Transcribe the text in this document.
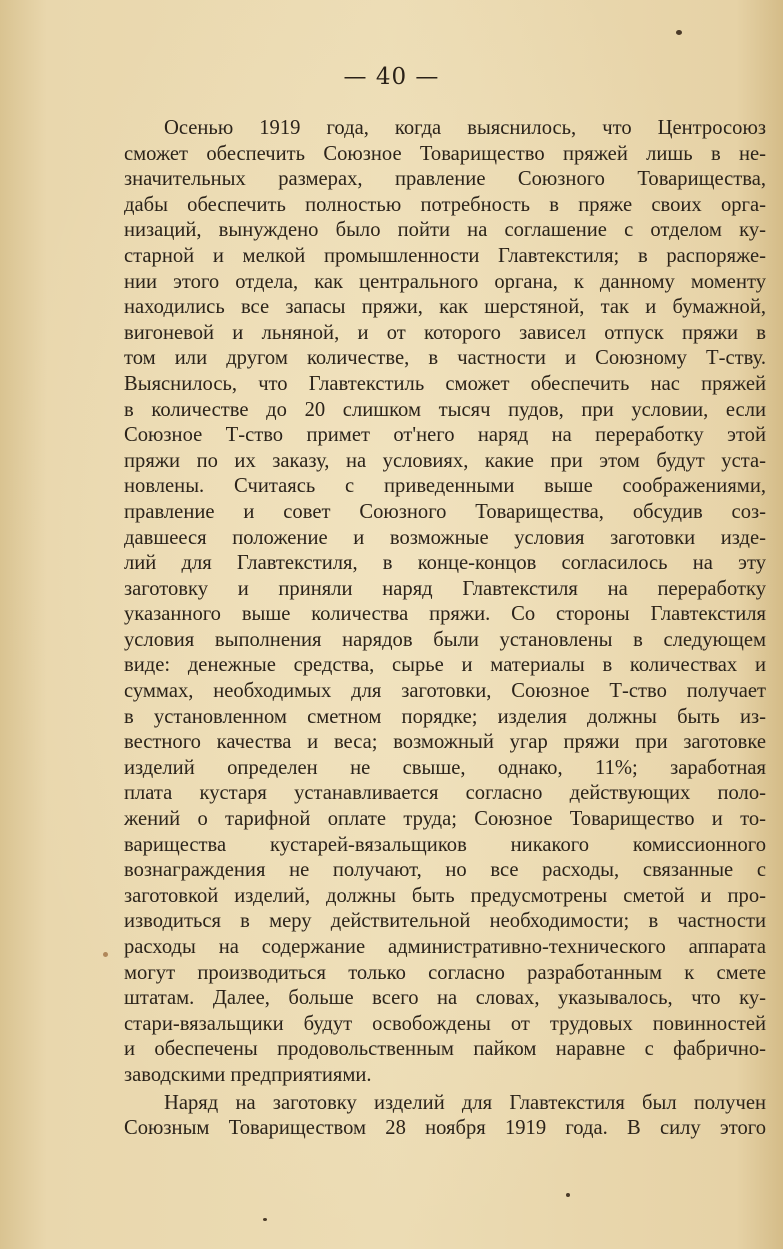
— 40 —
Осенью 1919 года, когда выяснилось, что Центросоюз
сможет обеспечить Союзное Товарищество пряжей лишь в не-
значительных размерах, правление Союзного Товарищества,
дабы обеспечить полностью потребность в пряже своих орга-
низаций, вынуждено было пойти на соглашение с отделом ку-
старной и мелкой промышленности Главтекстиля; в распоряже-
нии этого отдела, как центрального органа, к данному моменту
находились все запасы пряжи, как шерстяной, так и бумажной,
вигоневой и льняной, и от которого зависел отпуск пряжи в
том или другом количестве, в частности и Союзному Т-ству.
Выяснилось, что Главтекстиль сможет обеспечить нас пряжей
в количестве до 20 слишком тысяч пудов, при условии, если
Союзное Т-ство примет от'него наряд на переработку этой
пряжи по их заказу, на условиях, какие при этом будут уста-
новлены. Считаясь с приведенными выше соображениями,
правление и совет Союзного Товарищества, обсудив соз-
давшееся положение и возможные условия заготовки изде-
лий для Главтекстиля, в конце-концов согласилось на эту
заготовку и приняли наряд Главтекстиля на переработку
указанного выше количества пряжи. Со стороны Главтекстиля
условия выполнения нарядов были установлены в следующем
виде: денежные средства, сырье и материалы в количествах и
суммах, необходимых для заготовки, Союзное Т-ство получает
в установленном сметном порядке; изделия должны быть из-
вестного качества и веса; возможный угар пряжи при заготовке
изделий определен не свыше, однако, 11%; заработная
плата кустаря устанавливается согласно действующих поло-
жений о тарифной оплате труда; Союзное Товарищество и то-
варищества кустарей-вязальщиков никакого комиссионного
вознаграждения не получают, но все расходы, связанные с
заготовкой изделий, должны быть предусмотрены сметой и про-
изводиться в меру действительной необходимости; в частности
расходы на содержание административно-технического аппарата
могут производиться только согласно разработанным к смете
штатам. Далее, больше всего на словах, указывалось, что ку-
стари-вязальщики будут освобождены от трудовых повинностей
и обеспечены продовольственным пайком наравне с фабрично-
заводскими предприятиями.
Наряд на заготовку изделий для Главтекстиля был получен
Союзным Товариществом 28 ноября 1919 года. В силу этого
